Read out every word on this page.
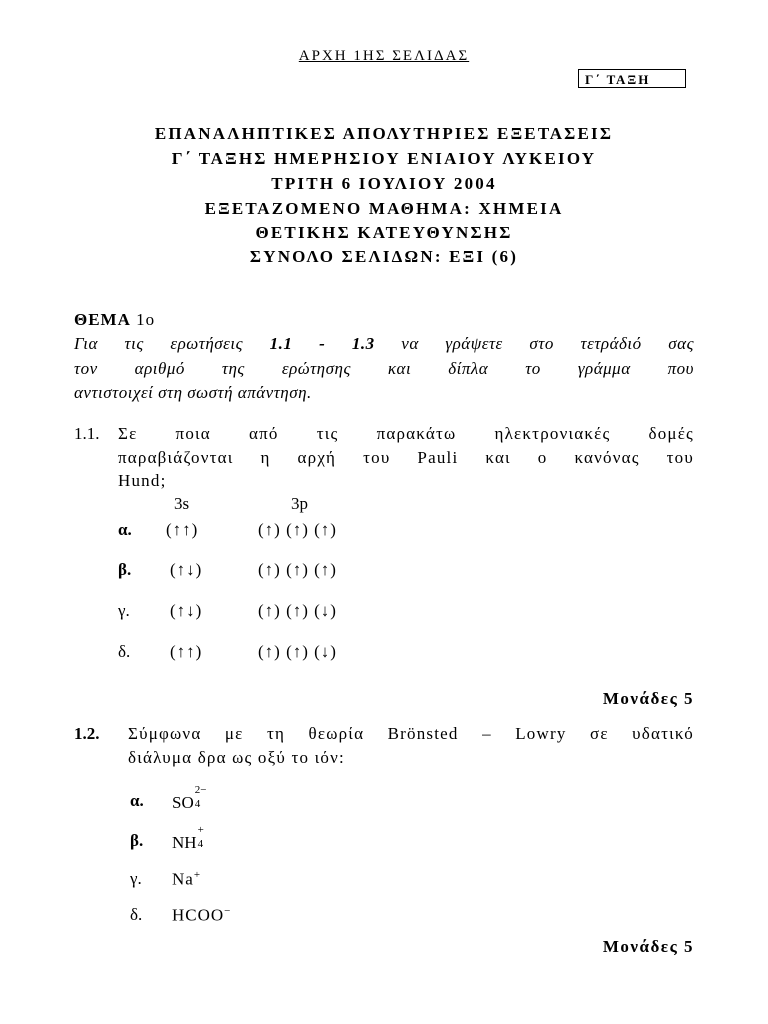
ΑΡΧΗ 1ΗΣ ΣΕΛΙΔΑΣ
Γ΄ ΤΑΞΗ
ΕΠΑΝΑΛΗΠΤΙΚΕΣ ΑΠΟΛΥΤΗΡΙΕΣ ΕΞΕΤΑΣΕΙΣ
Γ΄ ΤΑΞΗΣ ΗΜΕΡΗΣΙΟΥ ΕΝΙΑΙΟΥ ΛΥΚΕΙΟΥ
ΤΡΙΤΗ 6 ΙΟΥΛΙΟΥ 2004
ΕΞΕΤΑΖΟΜΕΝΟ ΜΑΘΗΜΑ: ΧΗΜΕΙΑ
ΘΕΤΙΚΗΣ ΚΑΤΕΥΘΥΝΣΗΣ
ΣΥΝΟΛΟ ΣΕΛΙΔΩΝ: ΕΞΙ (6)
ΘΕΜΑ 1ο
Για τις ερωτήσεις 1.1 - 1.3 να γράψετε στο τετράδιό σας
τον αριθμό της ερώτησης και δίπλα το γράμμα που
αντιστοιχεί στη σωστή απάντηση.
1.1. Σε ποια από τις παρακάτω ηλεκτρονιακές δομές
παραβιάζονται η αρχή του Pauli και ο κανόνας του
Hund;
3s	3p
α. (↑↑)	(↑) (↑) (↑)
β. (↑↓)	(↑) (↑) (↑)
γ. (↑↓)	(↑) (↑) (↓)
δ. (↑↑)	(↑) (↑) (↓)
Μονάδες 5
1.2. Σύμφωνα με τη θεωρία Brönsted – Lowry σε υδατικό
διάλυμα δρα ως οξύ το ιόν:
α. SO
2−
4
β. NH
+
4
γ. Na+
δ. HCOO−
Μονάδες 5
